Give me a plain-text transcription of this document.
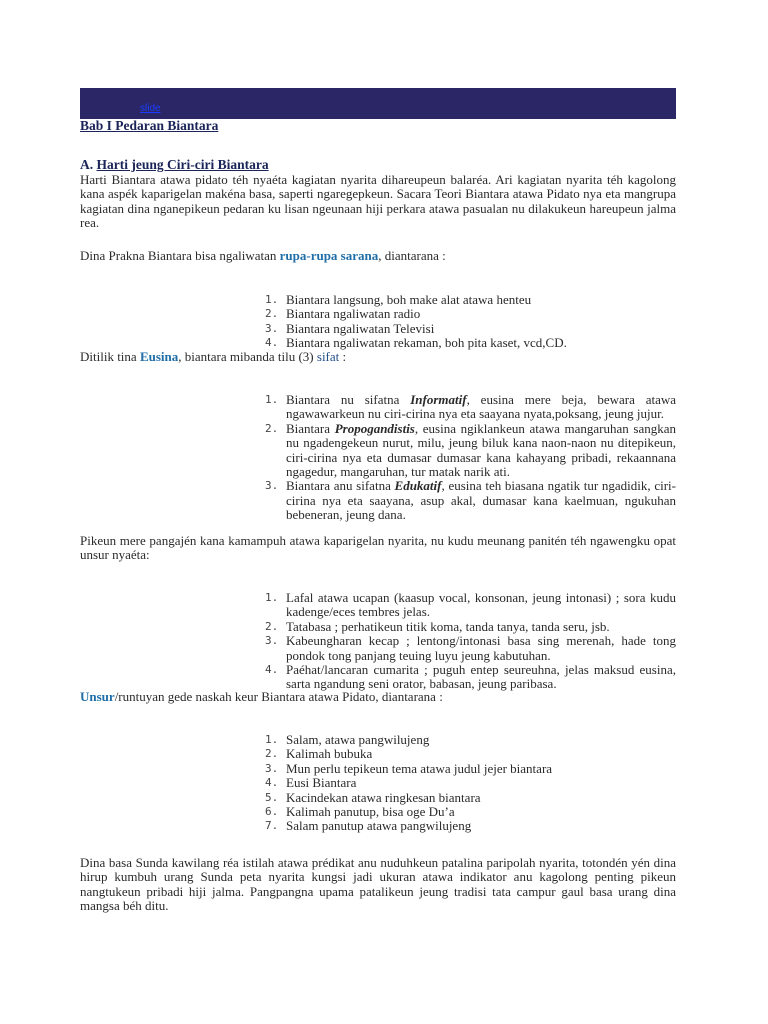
slide
Bab I Pedaran Biantara
A. Harti jeung Ciri-ciri Biantara
Harti Biantara atawa pidato téh nyaéta kagiatan nyarita dihareupeun balaréa. Ari kagiatan nyarita téh kagolong kana aspék kaparigelan makéna basa, saperti ngaregepkeun. Sacara Teori Biantara atawa Pidato nya eta mangrupa kagiatan dina nganepikeun pedaran ku lisan ngeunaan hiji perkara atawa pasualan nu dilakukeun hareupeun jalma rea.
Dina Prakna Biantara bisa ngaliwatan rupa-rupa sarana, diantarana :
1. Biantara langsung, boh make alat atawa henteu
2. Biantara ngaliwatan radio
3. Biantara ngaliwatan Televisi
4. Biantara ngaliwatan rekaman, boh pita kaset, vcd,CD.
Ditilik tina Eusina, biantara mibanda tilu (3) sifat :
1. Biantara nu sifatna Informatif, eusina mere beja, bewara atawa ngawawarkeun nu ciri-cirina nya eta saayana nyata,poksang, jeung jujur.
2. Biantara Propogandistis, eusina ngiklankeun atawa mangaruhan sangkan nu ngadengekeun nurut, milu, jeung biluk kana naon-naon nu ditepikeun, ciri-cirina nya eta dumasar dumasar kana kahayang pribadi, rekaannana ngagedur, mangaruhan, tur matak narik ati.
3. Biantara anu sifatna Edukatif, eusina teh biasana ngatik tur ngadidik, ciri-cirina nya eta saayana, asup akal, dumasar kana kaelmuan, ngukuhan bebeneran, jeung dana.
Pikeun mere pangajén kana kamampuh atawa kaparigelan nyarita, nu kudu meunang panitén téh ngawengku opat unsur nyaéta:
1. Lafal atawa ucapan (kaasup vocal, konsonan, jeung intonasi) ; sora kudu kadenge/eces tembres jelas.
2. Tatabasa ; perhatikeun titik koma, tanda tanya, tanda seru, jsb.
3. Kabeungharan kecap ; lentong/intonasi basa sing merenah, hade tong pondok tong panjang teuing luyu jeung kabutuhan.
4. Paéhat/lancaran cumarita ; puguh entep seureuhna, jelas maksud eusina, sarta ngandung seni orator, babasan, jeung paribasa.
Unsur/runtuyan gede naskah keur Biantara atawa Pidato, diantarana :
1. Salam, atawa pangwilujeng
2. Kalimah bubuka
3. Mun perlu tepikeun tema atawa judul jejer biantara
4. Eusi Biantara
5. Kacindekan atawa ringkesan biantara
6. Kalimah panutup, bisa oge Du’a
7. Salam panutup atawa pangwilujeng
Dina basa Sunda kawilang réa istilah atawa prédikat anu nuduhkeun patalina paripolah nyarita, totondén yén dina hirup kumbuh urang Sunda peta nyarita kungsi jadi ukuran atawa indikator anu kagolong penting pikeun nangtukeun pribadi hiji jalma. Pangpangna upama patalikeun jeung tradisi tata campur gaul basa urang dina mangsa béh ditu.
